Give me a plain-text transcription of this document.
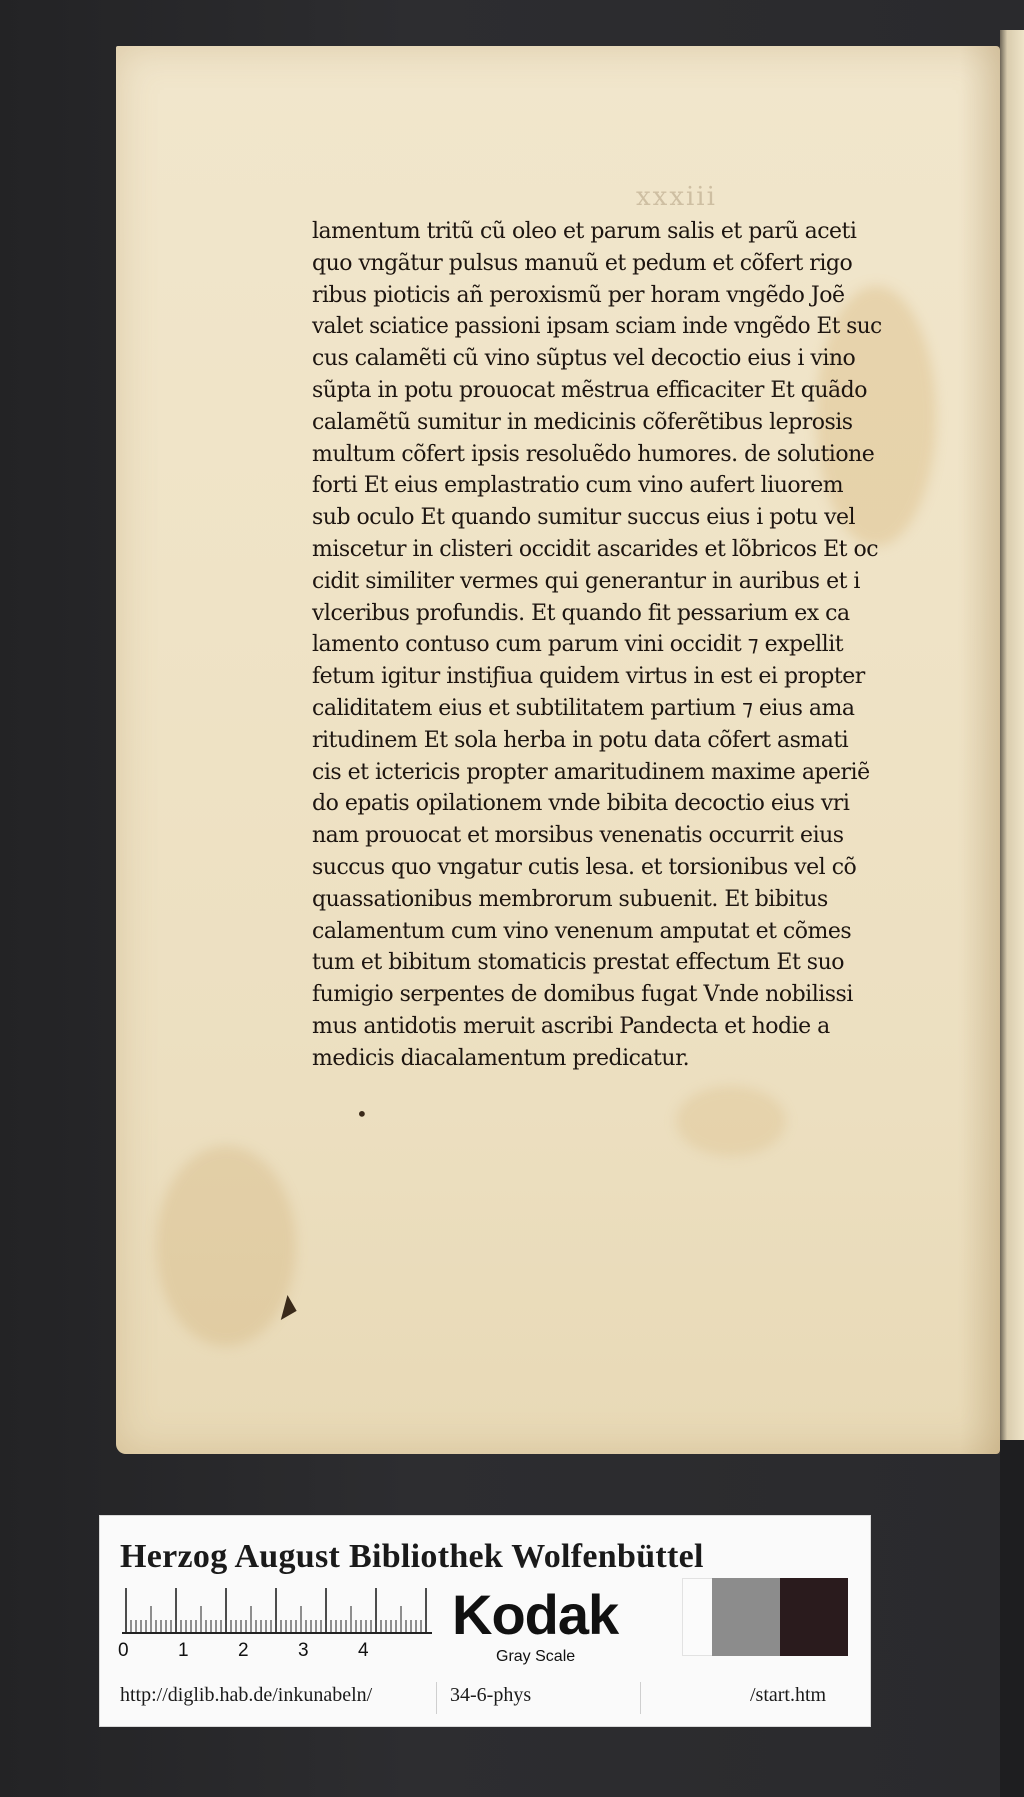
xxxiii
lamentum tritũ cũ oleo et parum salis et parũ aceti
quo vngãtur pulsus manuũ et pedum et cõfert rigo
ribus pioticis añ peroxismũ per horam vngẽdo Joẽ
valet sciatice passioni ipsam sciam inde vngẽdo Et suc
cus calamẽti cũ vino sũptus vel decoctio eius i vino
sũpta in potu prouocat mẽstrua efficaciter Et quãdo
calamẽtũ sumitur in medicinis cõferẽtibus leprosis
multum cõfert ipsis resoluẽdo humores. de solutione
forti Et eius emplastratio cum vino aufert liuorem
sub oculo Et quando sumitur succus eius i potu vel
miscetur in clisteri occidit ascarides et lõbricos Et oc
cidit similiter vermes qui generantur in auribus et i
vlceribus profundis. Et quando fit pessarium ex ca
lamento contuso cum parum vini occidit ⁊ expellit
fetum igitur instiƒiua quidem virtus in est ei propter
caliditatem eius et subtilitatem partium ⁊ eius ama
ritudinem Et sola herba in potu data cõfert asmati
cis et ictericis propter amaritudinem maxime aperiẽ
do epatis opilationem vnde bibita decoctio eius vri
nam prouocat et morsibus venenatis occurrit eius
succus quo vngatur cutis lesa. et torsionibus vel cõ
quassationibus membrorum subuenit. Et bibitus
calamentum cum vino venenum amputat et cõmes
tum et bibitum stomaticis prestat effectum Et suo
fumigio serpentes de domibus fugat Vnde nobilissi
mus antidotis meruit ascribi Pandecta et hodie a
medicis diacalamentum predicatur.
•
◢
Herzog August Bibliothek Wolfenbüttel
0	1	2	3	4
Kodak
Gray Scale
http://diglib.hab.de/inkunabeln/	34-6-phys	/start.htm
